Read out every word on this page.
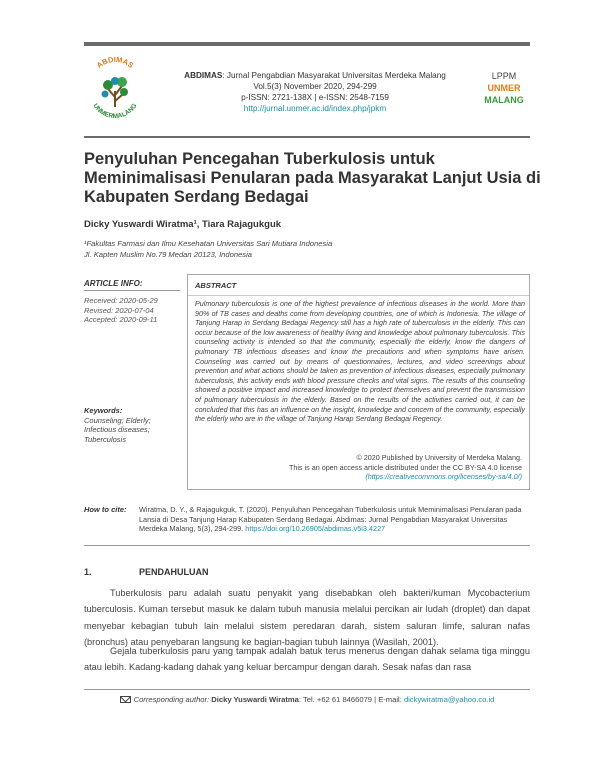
ABDIMAS
UNMERMALANG
ABDIMAS: Jurnal Pengabdian Masyarakat Universitas Merdeka Malang
Vol.5(3) November 2020, 294-299
p-ISSN: 2721-138X | e-ISSN: 2548-7159
http://jurnal.unmer.ac.id/index.php/jpkm
LPPM
UNMER
MALANG
Penyuluhan Pencegahan Tuberkulosis untuk Meminimalisasi Penularan pada Masyarakat Lanjut Usia di Kabupaten Serdang Bedagai
Dicky Yuswardi Wiratma¹, Tiara Rajagukguk
¹Fakultas Farmasi dan Ilmu Kesehatan Universitas Sari Mutiara Indonesia
Jl. Kapten Muslim No.79 Medan 20123, Indonesia
ARTICLE INFO:
Received: 2020-05-29
Revised: 2020-07-04
Accepted: 2020-09-11
Keywords:
Counseling; Elderly;
Infectious diseases;
Tuberculosis
ABSTRACT
Pulmonary tuberculosis is one of the highest prevalence of infectious diseases in the world. More than 90% of TB cases and deaths come from developing countries, one of which is Indonesia. The village of Tanjung Harap in Serdang Bedagai Regency still has a high rate of tuberculosis in the elderly. This can occur because of the low awareness of healthy living and knowledge about pulmonary tuberculosis. This counseling activity is intended so that the community, especially the elderly, know the dangers of pulmonary TB infectious diseases and know the precautions and when symptoms have arisen. Counseling was carried out by means of questionnaires, lectures, and video screenings about prevention and what actions should be taken as prevention of infectious diseases, especially pulmonary tuberculosis, this activity ends with blood pressure checks and vital signs. The results of this counseling showed a positive impact and increased knowledge to protect themselves and prevent the transmission of pulmonary tuberculosis in the elderly. Based on the results of the activities carried out, it can be concluded that this has an influence on the insight, knowledge and concern of the community, especially the elderly who are in the village of Tanjung Harap Serdang Bedagai Regency.
© 2020 Published by University of Merdeka Malang.
This is an open access article distributed under the CC BY-SA 4.0 license
(https://creativecommons.org/licenses/by-sa/4.0/)
How to cite: Wiratma, D. Y., & Rajagukguk, T. (2020). Penyuluhan Pencegahan Tuberkulosis untuk Meminimalisasi Penularan pada Lansia di Desa Tanjung Harap Kabupaten Serdang Bedagai. Abdimas: Jurnal Pengabdian Masyarakat Universitas Merdeka Malang, 5(3), 294-299. https://doi.org/10.26905/abdimas.v5i3.4227
1.	PENDAHULUAN
Tuberkulosis paru adalah suatu penyakit yang disebabkan oleh bakteri/kuman Mycobacterium tuberculosis. Kuman tersebut masuk ke dalam tubuh manusia melalui percikan air ludah (droplet) dan dapat menyebar kebagian tubuh lain melalui sistem peredaran darah, sistem saluran limfe, saluran nafas (bronchus) atau penyebaran langsung ke bagian-bagian tubuh lainnya (Wasilah, 2001).
Gejala tuberkulosis paru yang tampak adalah batuk terus menerus dengan dahak selama tiga minggu atau lebih. Kadang-kadang dahak yang keluar bercampur dengan darah. Sesak nafas dan rasa
Corresponding author: Dicky Yuswardi Wiratma: Tel. +62 61 8466079 | E-mail: dickywiratma@yahoo.co.id
